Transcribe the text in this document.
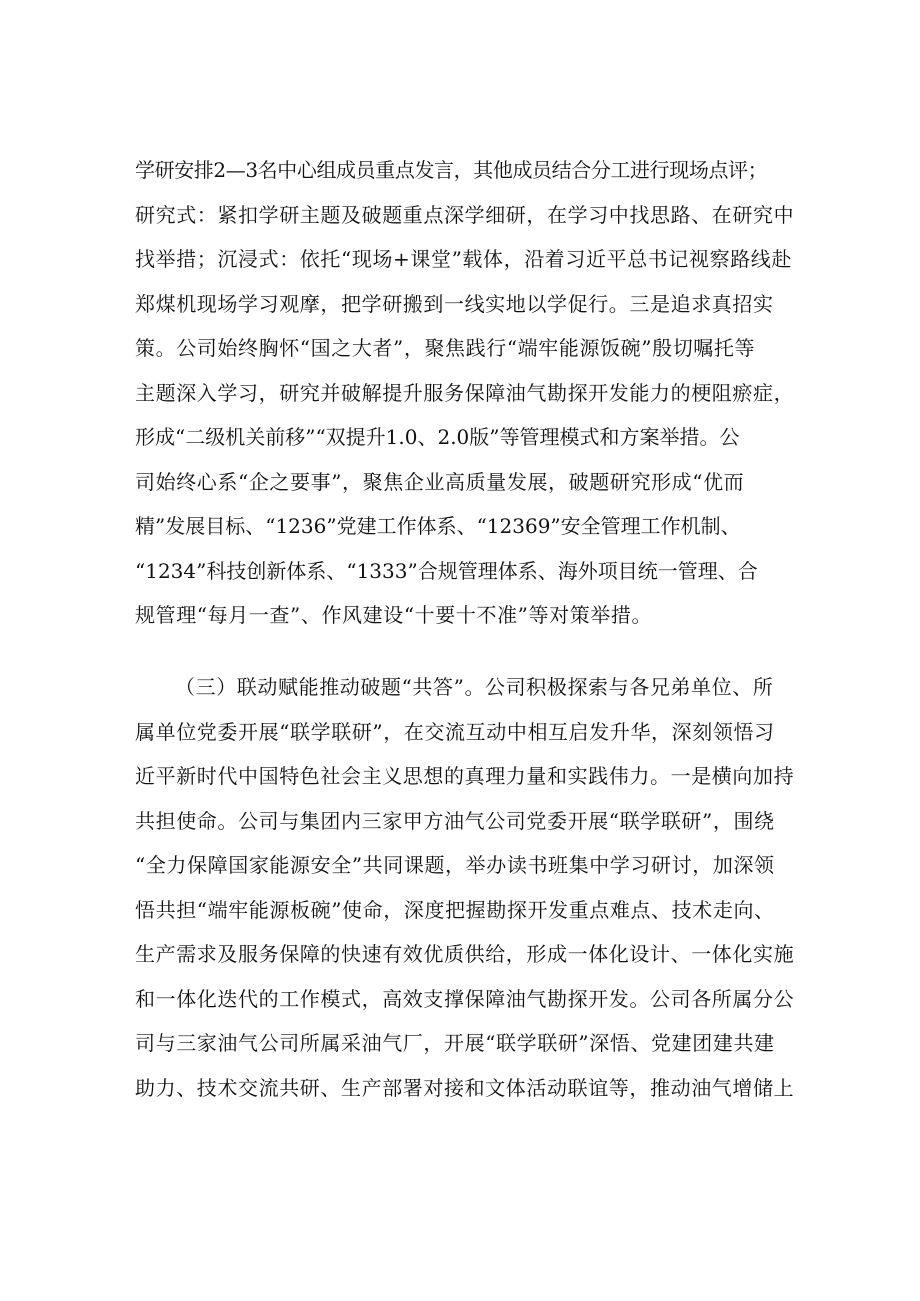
学研安排2—3名中心组成员重点发言，其他成员结合分工进行现场点评；
研究式：紧扣学研主题及破题重点深学细研，在学习中找思路、在研究中
找举措；沉浸式：依托“现场+课堂”载体，沿着习近平总书记视察路线赴
郑煤机现场学习观摩，把学研搬到一线实地以学促行。三是追求真招实
策。公司始终胸怀“国之大者”，聚焦践行“端牢能源饭碗”殷切嘱托等
主题深入学习，研究并破解提升服务保障油气勘探开发能力的梗阻瘀症，
形成“二级机关前移”“双提升1.0、2.0版”等管理模式和方案举措。公
司始终心系“企之要事”，聚焦企业高质量发展，破题研究形成“优而
精”发展目标、“1236”党建工作体系、“12369”安全管理工作机制、
“1234”科技创新体系、“1333”合规管理体系、海外项目统一管理、合
规管理“每月一查”、作风建设“十要十不准”等对策举措。
（三）联动赋能推动破题“共答”。公司积极探索与各兄弟单位、所
属单位党委开展“联学联研”，在交流互动中相互启发升华，深刻领悟习
近平新时代中国特色社会主义思想的真理力量和实践伟力。一是横向加持
共担使命。公司与集团内三家甲方油气公司党委开展“联学联研”，围绕
“全力保障国家能源安全”共同课题，举办读书班集中学习研讨，加深领
悟共担“端牢能源板碗”使命，深度把握勘探开发重点难点、技术走向、
生产需求及服务保障的快速有效优质供给，形成一体化设计、一体化实施
和一体化迭代的工作模式，高效支撑保障油气勘探开发。公司各所属分公
司与三家油气公司所属采油气厂，开展“联学联研”深悟、党建团建共建
助力、技术交流共研、生产部署对接和文体活动联谊等，推动油气增储上
